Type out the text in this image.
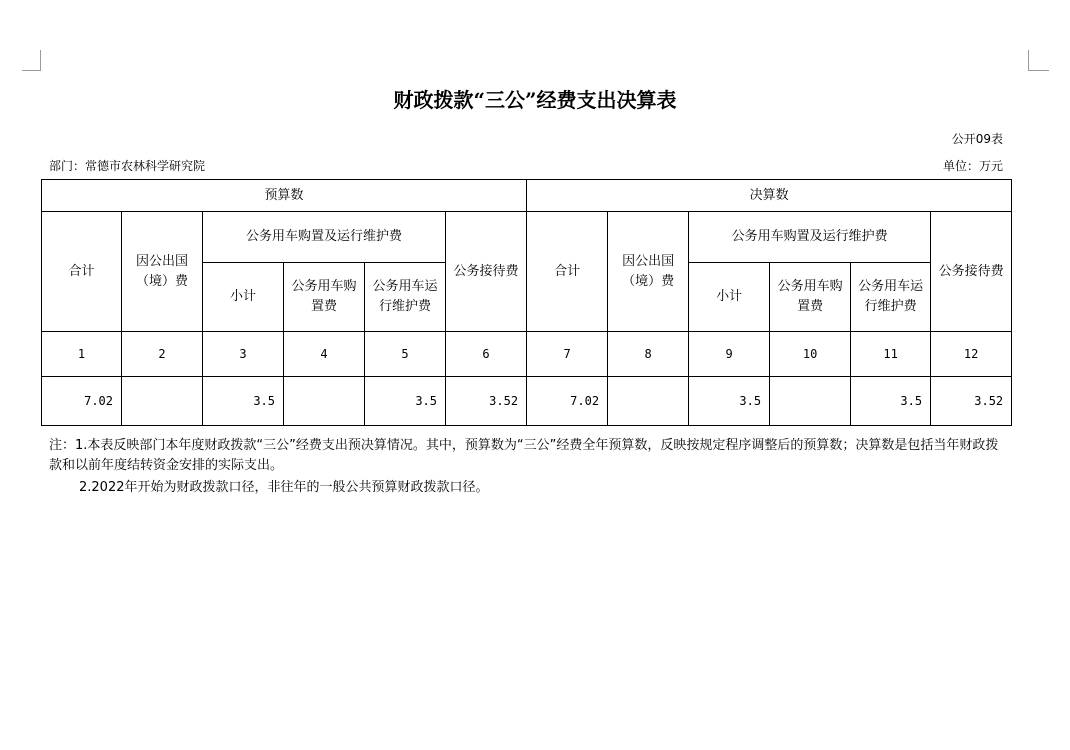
财政拨款“三公”经费支出决算表
公开09表
部门：常德市农林科学研究院	单位：万元
预算数						决算数					
合计	因公出国（境）费	公务用车购置及运行维护费			公务接待费	合计	因公出国（境）费	公务用车购置及运行维护费			公务接待费
		小计	公务用车购置费	公务用车运行维护费				小计	公务用车购置费	公务用车运行维护费	
1	2	3	4	5	6	7	8	9	10	11	12
7.02		3.5		3.5	3.52	7.02		3.5		3.5	3.52

注：1.本表反映部门本年度财政拨款“三公”经费支出预决算情况。其中，预算数为“三公”经费全年预算数，反映按规定程序调整后的预算数；决算数是包括当年财政拨款和以前年度结转资金安排的实际支出。

2.2022年开始为财政拨款口径，非往年的一般公共预算财政拨款口径。
